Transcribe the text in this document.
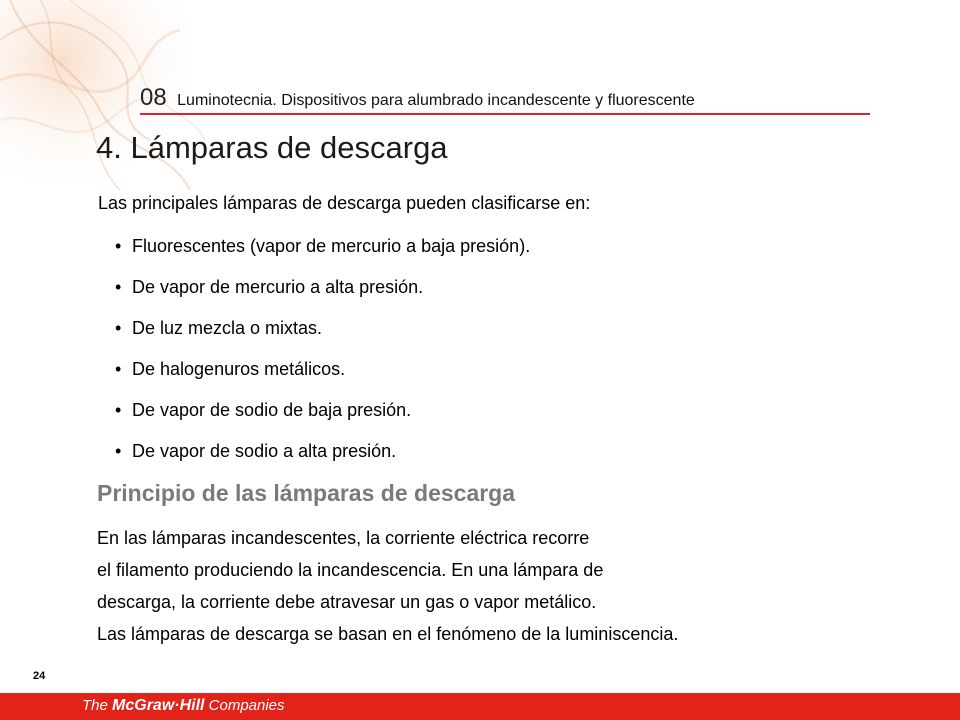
08 Luminotecnia. Dispositivos para alumbrado incandescente y fluorescente
4. Lámparas de descarga

Las principales lámparas de descarga pueden clasificarse en:

• Fluorescentes (vapor de mercurio a baja presión).
• De vapor de mercurio a alta presión.
• De luz mezcla o mixtas.
• De halogenuros metálicos.
• De vapor de sodio de baja presión.
• De vapor de sodio a alta presión.
Principio de las lámparas de descarga
En las lámparas incandescentes, la corriente eléctrica recorre
el filamento produciendo la incandescencia. En una lámpara de
descarga, la corriente debe atravesar un gas o vapor metálico.
Las lámparas de descarga se basan en el fenómeno de la luminiscencia.
24
The McGraw·Hill Companies
